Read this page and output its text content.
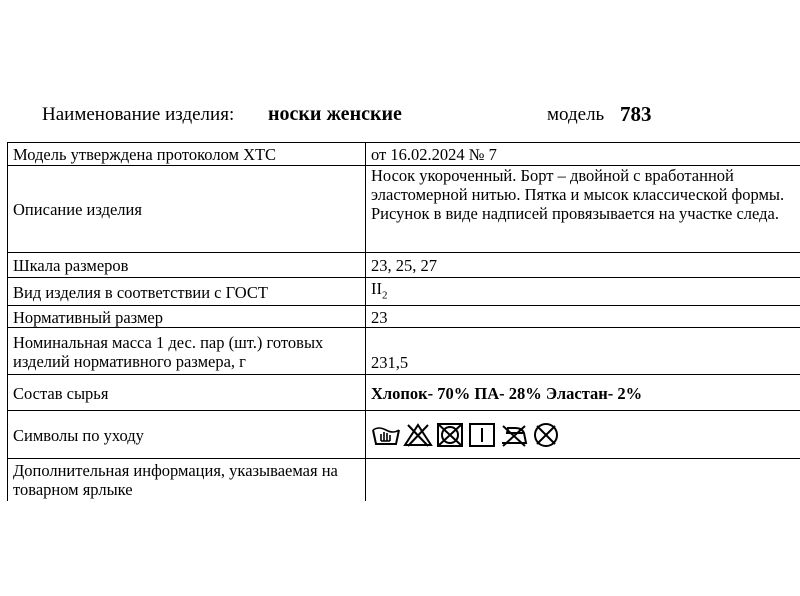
Наименование изделия: носки женские	модель 783
Модель утверждена протоколом ХТС	от 16.02.2024 № 7
Описание изделия	Носок укороченный. Борт – двойной с вработанной эластомерной нитью. Пятка и мысок классической формы. Рисунок в виде надписей провязывается на участке следа.
Шкала размеров	23, 25, 27
Вид изделия в соответствии с ГОСТ	$II_2$
Нормативный размер	23
Номинальная масса 1 дес. пар (шт.) готовых изделий нормативного размера, г	231,5
Состав сырья	Хлопок- 70% ПА- 28% Эластан- 2%
Символы по уходу	

Дополнительная информация, указываемая на товарном ярлыке	
